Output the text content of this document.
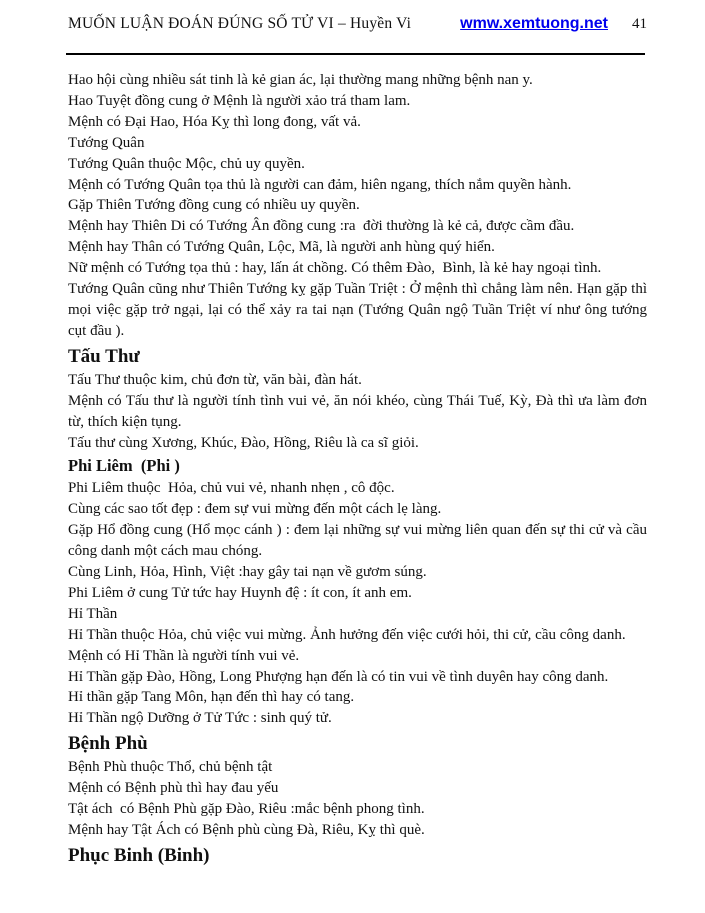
MUỐN LUẬN ĐOÁN ĐÚNG SỐ TỬ VI – Huyền Vi	wmw.xemtuong.net 41

Hao hội cùng nhiều sát tinh là kẻ gian ác, lại thường mang những bệnh nan y.

Hao Tuyệt đồng cung ở Mệnh là người xảo trá tham lam.

Mệnh có Đại Hao, Hóa Kỵ thì long đong, vất vả.

Tướng Quân

Tướng Quân thuộc Mộc, chủ uy quyền.

Mệnh có Tướng Quân tọa thủ là người can đảm, hiên ngang, thích nắm quyền hành.

Gặp Thiên Tướng đồng cung có nhiều uy quyền.

Mệnh hay Thiên Di có Tướng Ân đồng cung :ra  đời thường là kẻ cả, được cầm đầu.

Mệnh hay Thân có Tướng Quân, Lộc, Mã, là người anh hùng quý hiển.

Nữ mệnh có Tướng tọa thủ : hay, lấn át chồng. Có thêm Đào,  Bình, là kẻ hay ngoại tình.

Tướng Quân cũng như Thiên Tướng kỵ gặp Tuần Triệt : Ở mệnh thì chẳng làm nên. Hạn gặp thì mọi việc gặp trở ngại, lại có thể xảy ra tai nạn (Tướng Quân ngộ Tuần Triệt ví như ông tướng cụt đầu ).

Tấu Thư

Tấu Thư thuộc kim, chủ đơn từ, văn bài, đàn hát.

Mệnh có Tấu thư là người tính tình vui vẻ, ăn nói khéo, cùng Thái Tuế, Kỳ, Đà thì ưa làm đơn từ, thích kiện tụng.

Tấu thư cùng Xương, Khúc, Đào, Hồng, Riêu là ca sĩ giỏi.

Phi Liêm  (Phi )

Phi Liêm thuộc  Hỏa, chủ vui vẻ, nhanh nhẹn , cô độc.

Cùng các sao tốt đẹp : đem sự vui mừng đến một cách lẹ làng.

Gặp Hổ đồng cung (Hổ mọc cánh ) : đem lại những sự vui mừng liên quan đến sự thi cử và cầu công danh một cách mau chóng.

Cùng Linh, Hỏa, Hình, Việt :hay gây tai nạn về gươm súng.

Phi Liêm ở cung Tử tức hay Huynh đệ : ít con, ít anh em.

Hỉ Thần

Hỉ Thần thuộc Hỏa, chủ việc vui mừng. Ảnh hưởng đến việc cưới hỏi, thi cử, cầu công danh.

Mệnh có Hỉ Thần là người tính vui vẻ.

Hỉ Thần gặp Đào, Hồng, Long Phượng hạn đến là có tin vui về tình duyên hay công danh.

Hỉ thần gặp Tang Môn, hạn đến thì hay có tang.

Hỉ Thần ngộ Dưỡng ở Tử Tức : sinh quý tử.

Bệnh Phù

Bệnh Phù thuộc Thổ, chủ bệnh tật

Mệnh có Bệnh phù thì hay đau yếu

Tật ách  có Bệnh Phù gặp Đào, Riêu :mắc bệnh phong tình.

Mệnh hay Tật Ách có Bệnh phù cùng Đà, Riêu, Kỵ thì què.

Phục Binh (Binh)
